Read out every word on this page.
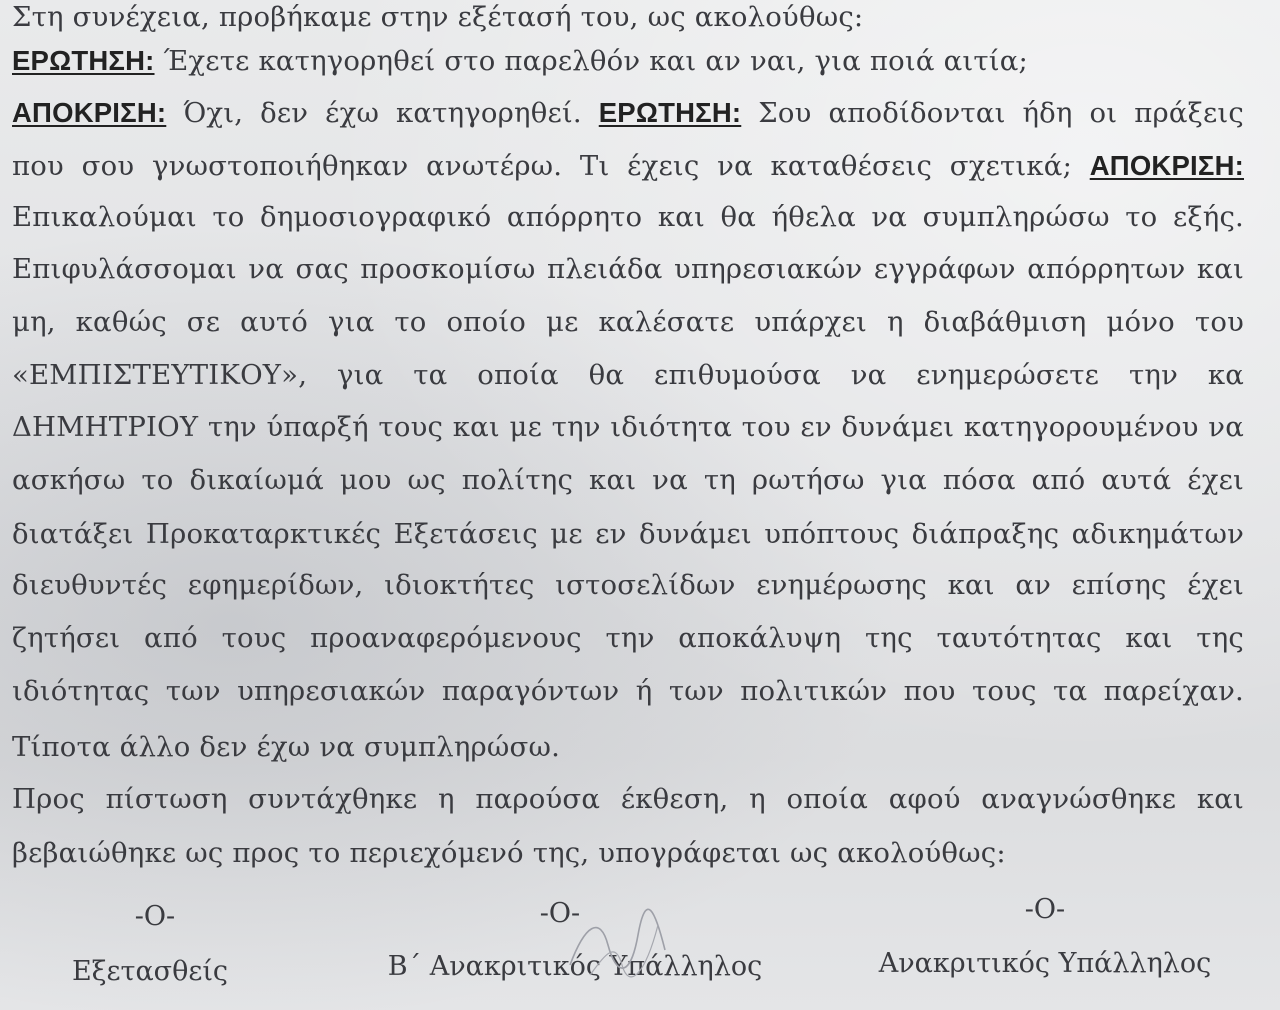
Στη συνέχεια, προβήκαμε στην εξέτασή του, ως ακολούθως:
ΕΡΩΤΗΣΗ: Έχετε κατηγορηθεί στο παρελθόν και αν ναι, για ποιά αιτία;
ΑΠΟΚΡΙΣΗ: Όχι, δεν έχω κατηγορηθεί. ΕΡΩΤΗΣΗ: Σου αποδίδονται ήδη οι πράξεις
που σου γνωστοποιήθηκαν ανωτέρω. Τι έχεις να καταθέσεις σχετικά; ΑΠΟΚΡΙΣΗ:
Επικαλούμαι το δημοσιογραφικό απόρρητο και θα ήθελα να συμπληρώσω το εξής.
Επιφυλάσσομαι να σας προσκομίσω πλειάδα υπηρεσιακών εγγράφων απόρρητων και
μη, καθώς σε αυτό για το οποίο με καλέσατε υπάρχει η διαβάθμιση μόνο του
«ΕΜΠΙΣΤΕΥΤΙΚΟΥ», για τα οποία θα επιθυμούσα να ενημερώσετε την κα
ΔΗΜΗΤΡΙΟΥ την ύπαρξή τους και με την ιδιότητα του εν δυνάμει κατηγορουμένου να
ασκήσω το δικαίωμά μου ως πολίτης και να τη ρωτήσω για πόσα από αυτά έχει
διατάξει Προκαταρκτικές Εξετάσεις με εν δυνάμει υπόπτους διάπραξης αδικημάτων
διευθυντές εφημερίδων, ιδιοκτήτες ιστοσελίδων ενημέρωσης και αν επίσης έχει
ζητήσει από τους προαναφερόμενους την αποκάλυψη της ταυτότητας και της
ιδιότητας των υπηρεσιακών παραγόντων ή των πολιτικών που τους τα παρείχαν.
Τίποτα άλλο δεν έχω να συμπληρώσω.
Προς πίστωση συντάχθηκε η παρούσα έκθεση, η οποία αφού αναγνώσθηκε και
βεβαιώθηκε ως προς το περιεχόμενό της, υπογράφεται ως ακολούθως:
-Ο-
Εξετασθείς
-Ο-
Β΄ Ανακριτικός Υπάλληλος
-Ο-
Ανακριτικός Υπάλληλος
